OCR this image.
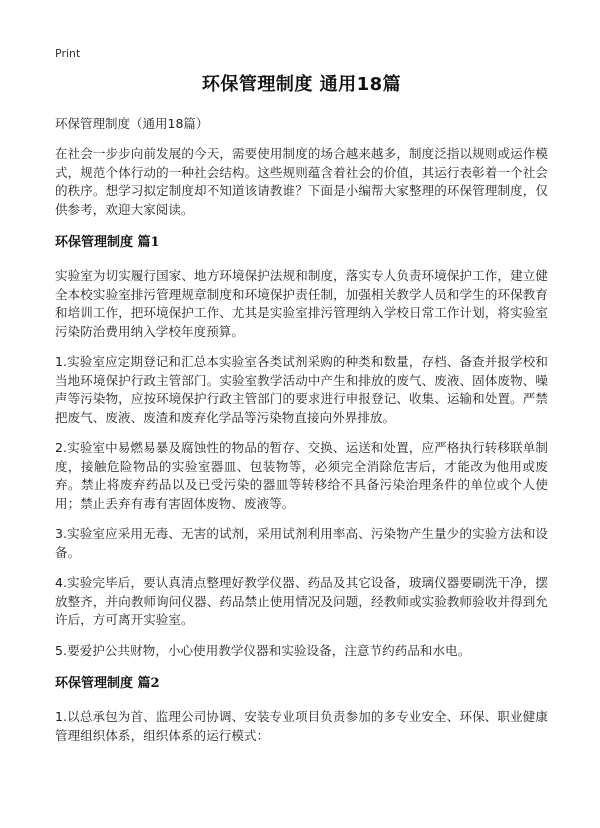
Print
环保管理制度 通用18篇
环保管理制度（通用18篇）

在社会一步步向前发展的今天，需要使用制度的场合越来越多，制度泛指以规则或运作模式，规范个体行动的一种社会结构。这些规则蕴含着社会的价值，其运行表彰着一个社会的秩序。想学习拟定制度却不知道该请教谁？下面是小编帮大家整理的环保管理制度，仅供参考，欢迎大家阅读。

环保管理制度 篇1

实验室为切实履行国家、地方环境保护法规和制度，落实专人负责环境保护工作，建立健全本校实验室排污管理规章制度和环境保护责任制，加强相关教学人员和学生的环保教育和培训工作，把环境保护工作、尤其是实验室排污管理纳入学校日常工作计划，将实验室污染防治费用纳入学校年度预算。

1.实验室应定期登记和汇总本实验室各类试剂采购的种类和数量，存档、备查并报学校和当地环境保护行政主管部门。实验室教学活动中产生和排放的废气、废液、固体废物、噪声等污染物，应按环境保护行政主管部门的要求进行申报登记、收集、运输和处置。严禁把废气、废液、废渣和废弃化学品等污染物直接向外界排放。

2.实验室中易燃易暴及腐蚀性的物品的暂存、交换、运送和处置，应严格执行转移联单制度，接触危险物品的实验室器皿、包装物等，必须完全消除危害后，才能改为他用或废弃。禁止将废弃药品以及已受污染的器皿等转移给不具备污染治理条件的单位或个人使用；禁止丢弃有毒有害固体废物、废液等。

3.实验室应采用无毒、无害的试剂，采用试剂利用率高、污染物产生量少的实验方法和设备。

4.实验完毕后，要认真清点整理好教学仪器、药品及其它设备，玻璃仪器要刷洗干净，摆放整齐，并向教师询问仪器、药品禁止使用情况及问题，经教师或实验教师验收并得到允许后，方可离开实验室。

5.要爱护公共财物，小心使用教学仪器和实验设备，注意节约药品和水电。

环保管理制度 篇2

1.以总承包为首、监理公司协调、安装专业项目负责参加的多专业安全、环保、职业健康管理组织体系，组织体系的运行模式：
